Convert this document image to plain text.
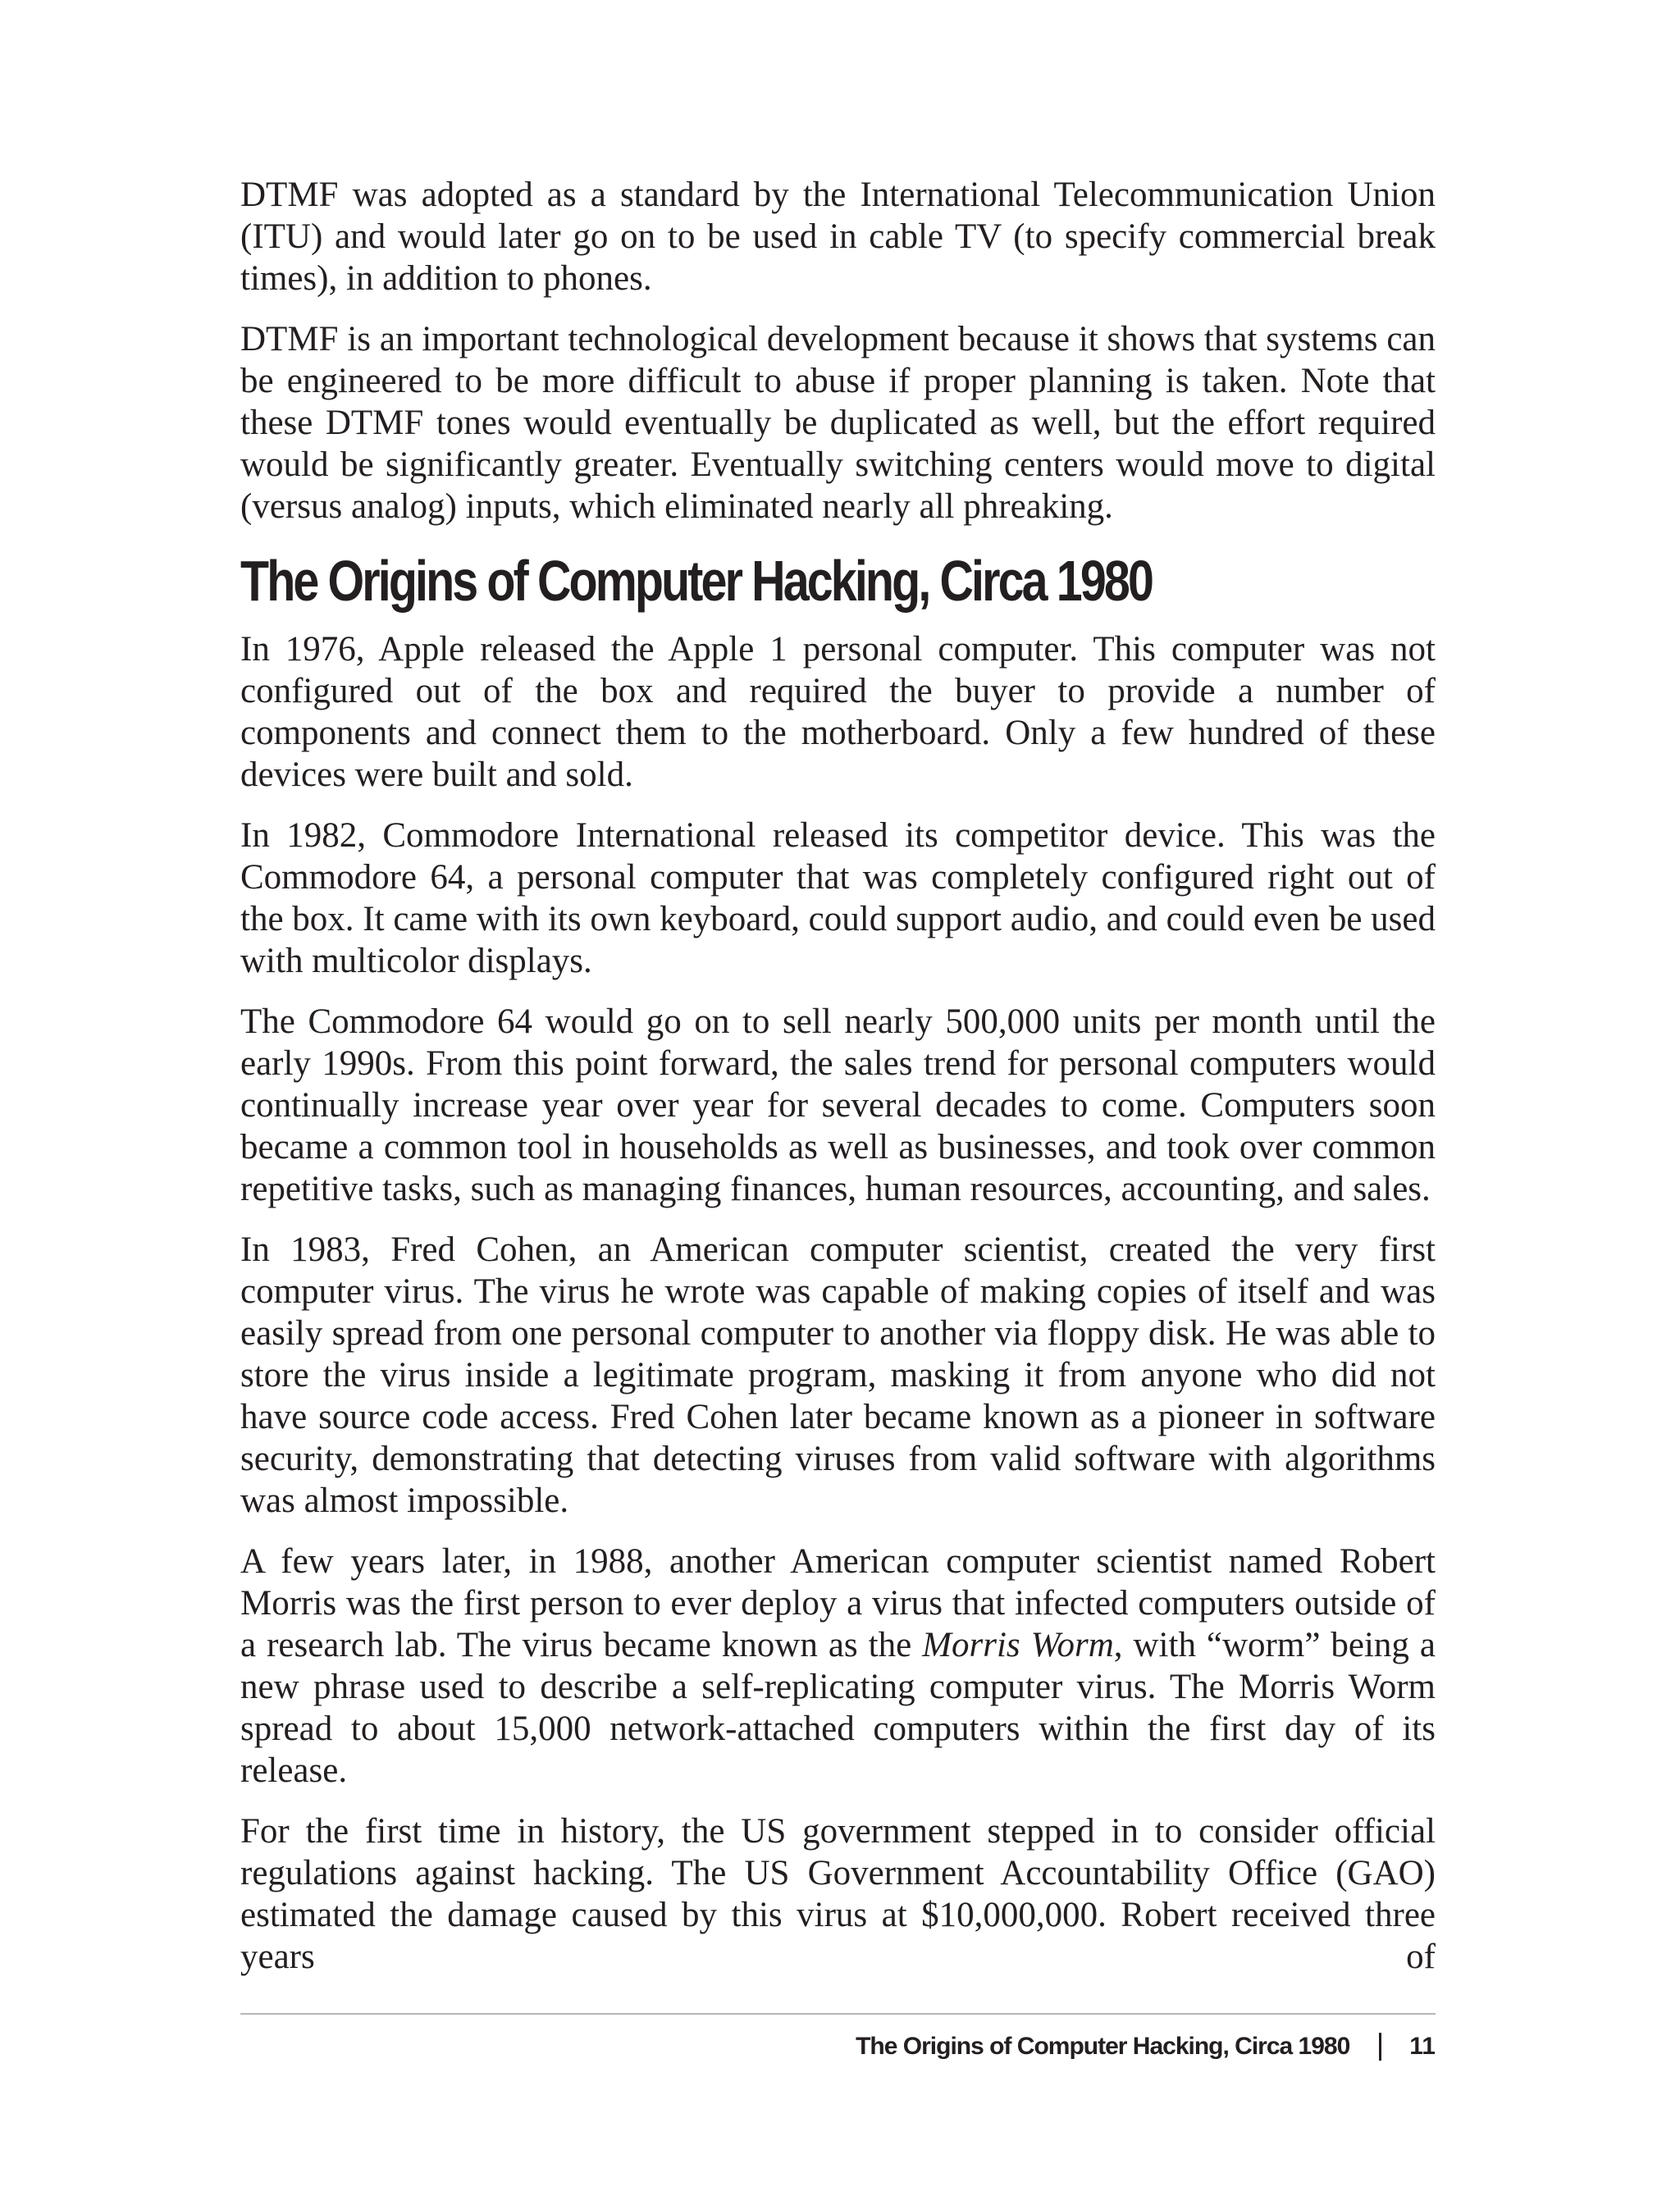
DTMF was adopted as a standard by the International Telecommunication Union (ITU) and would later go on to be used in cable TV (to specify commercial break times), in addition to phones.

DTMF is an important technological development because it shows that systems can be engineered to be more difficult to abuse if proper planning is taken. Note that these DTMF tones would eventually be duplicated as well, but the effort required would be significantly greater. Eventually switching centers would move to digital (versus analog) inputs, which eliminated nearly all phreaking.

The Origins of Computer Hacking, Circa 1980

In 1976, Apple released the Apple 1 personal computer. This computer was not configured out of the box and required the buyer to provide a number of components and connect them to the motherboard. Only a few hundred of these devices were built and sold.

In 1982, Commodore International released its competitor device. This was the Commodore 64, a personal computer that was completely configured right out of the box. It came with its own keyboard, could support audio, and could even be used with multicolor displays.

The Commodore 64 would go on to sell nearly 500,000 units per month until the early 1990s. From this point forward, the sales trend for personal computers would continually increase year over year for several decades to come. Computers soon became a common tool in households as well as businesses, and took over common repetitive tasks, such as managing finances, human resources, accounting, and sales.

In 1983, Fred Cohen, an American computer scientist, created the very first computer virus. The virus he wrote was capable of making copies of itself and was easily spread from one personal computer to another via floppy disk. He was able to store the virus inside a legitimate program, masking it from anyone who did not have source code access. Fred Cohen later became known as a pioneer in software security, demonstrating that detecting viruses from valid software with algorithms was almost impossible.

A few years later, in 1988, another American computer scientist named Robert Morris was the first person to ever deploy a virus that infected computers outside of a research lab. The virus became known as the Morris Worm, with “worm” being a new phrase used to describe a self-replicating computer virus. The Morris Worm spread to about 15,000 network-attached computers within the first day of its release.

For the first time in history, the US government stepped in to consider official regulations against hacking. The US Government Accountability Office (GAO) estimated the damage caused by this virus at $10,000,000. Robert received three years of

The Origins of Computer Hacking, Circa 1980 11
